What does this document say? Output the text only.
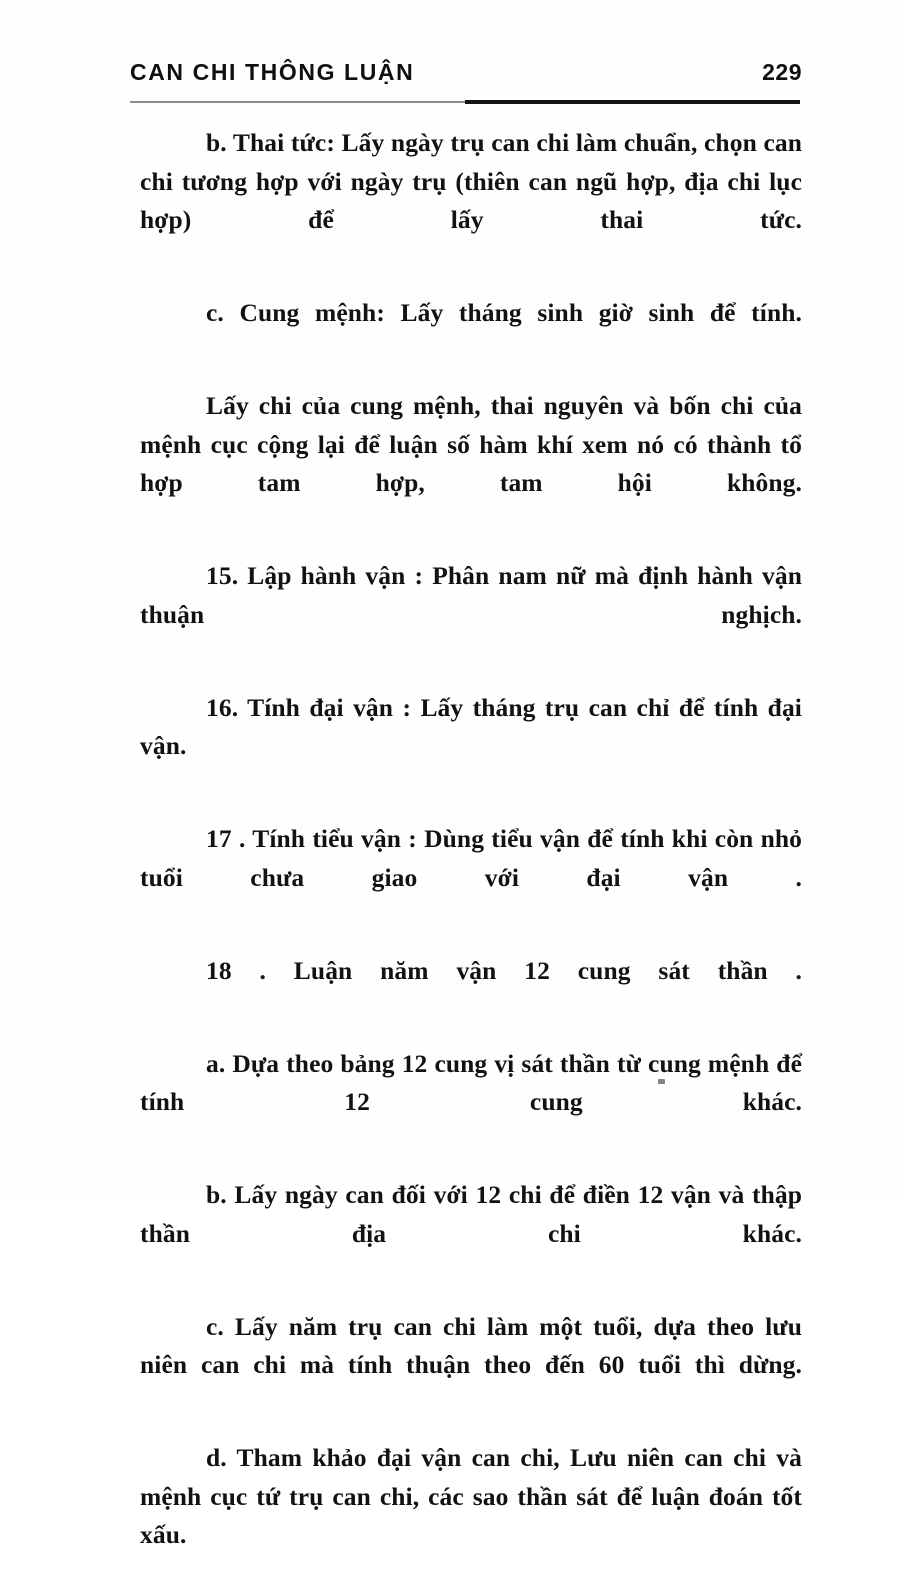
CAN CHI THÔNG LUẬN	229

b. Thai tức: Lấy ngày trụ can chi làm chuẩn, chọn can chi tương hợp với ngày trụ (thiên can ngũ hợp, địa chi lục hợp) để lấy thai tức.

c. Cung mệnh: Lấy tháng sinh giờ sinh để tính.

Lấy chi của cung mệnh, thai nguyên và bốn chi của mệnh cục cộng lại để luận số hàm khí xem nó có thành tổ hợp tam hợp, tam hội không.

15. Lập hành vận : Phân nam nữ mà định hành vận thuận nghịch.

16. Tính đại vận : Lấy tháng trụ can chỉ để tính đại vận.

17 . Tính tiểu vận : Dùng tiểu vận để tính khi còn nhỏ tuổi chưa giao với đại vận .

18 . Luận năm vận 12 cung sát thần .

a. Dựa theo bảng 12 cung vị sát thần từ cung mệnh để tính 12 cung khác.

b. Lấy ngày can đối với 12 chi để điền 12 vận và thập thần địa chi khác.

c. Lấy năm trụ can chi làm một tuổi, dựa theo lưu niên can chi mà tính thuận theo đến 60 tuổi thì dừng.

d. Tham khảo đại vận can chi, Lưu niên can chi và mệnh cục tứ trụ can chi, các sao thần sát để luận đoán tốt xấu.
